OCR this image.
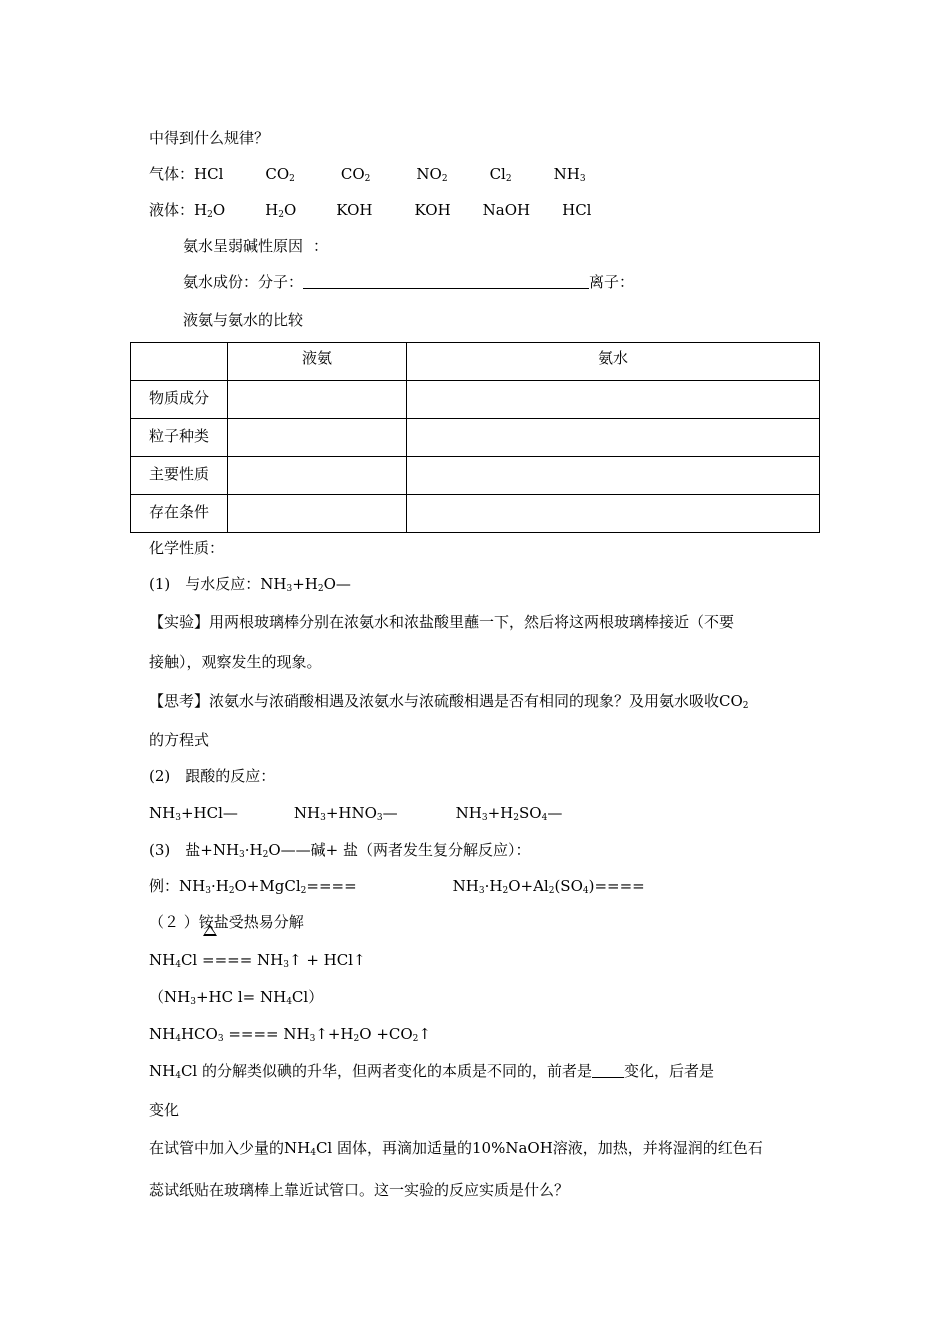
中得到什么规律？
气体：HCl	$CO_2$	$CO_2$	$NO_2$	$Cl_2$	$NH_3$
液体：$H_2O$	$H_2O$	KOH	KOH NaOH HCl
氨水呈弱碱性原因 ：
氨水成份：分子：	离子：
液氨与氨水的比较
	液氨	氨水
物质成分		
粒子种类		
主要性质		
存在条件		
化学性质：
(1)　与水反应：$NH_3+H_2O—$
【实验】用两根玻璃棒分别在浓氨水和浓盐酸里蘸一下，然后将这两根玻璃棒接近（不要
接触），观察发生的现象。
【思考】浓氨水与浓硝酸相遇及浓氨水与浓硫酸相遇是否有相同的现象？及用氨水吸收$CO_2$
的方程式
(2)　跟酸的反应：
$NH_3+HCl—$	$NH_3+HNO_3—$	$NH_3+H_2SO_4—$
(3)　盐$+NH_3\cdot H_2O——$碱+ 盐（两者发生复分解反应）：
例：$NH_3\cdot H_2O+MgCl_2====$	$NH_3\cdot H_2O+Al_2(SO_4)====$
（２ ）铵盐受热易分解
$NH_4Cl$ ==== $NH_3↑$ + HCl↑
（$NH_3+HC$ $l= NH_4Cl$）
$NH_4HCO_3$ ==== $NH_3↑+H_2O$ $+CO_2↑$
$NH_4Cl$ 的分解类似碘的升华，但两者变化的本质是不同的，前者是 变化，后者是
变化
在试管中加入少量的$NH_4Cl$ 固体，再滴加适量的10%NaOH溶液，加热，并将湿润的红色石
蕊试纸贴在玻璃棒上靠近试管口。这一实验的反应实质是什么？
